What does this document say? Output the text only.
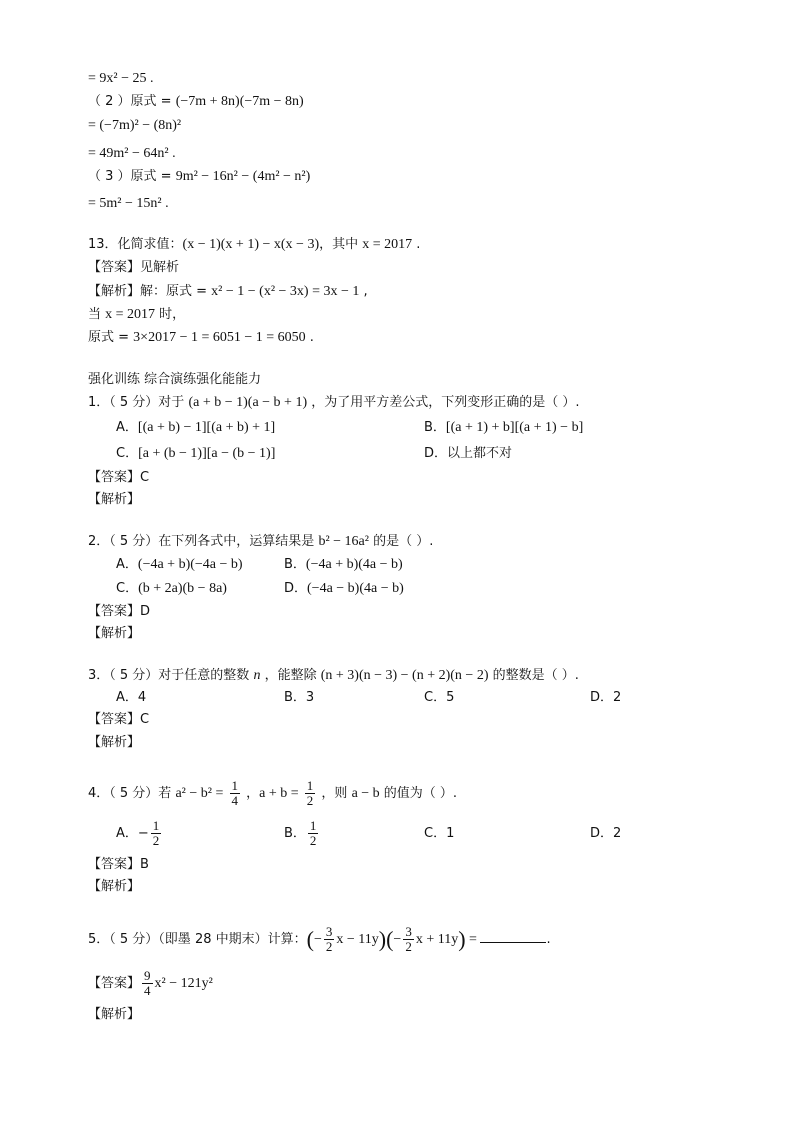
= 9x² − 25 .
（ 2 ）原式 = (−7m + 8n)(−7m − 8n)
= (−7m)² − (8n)²
= 49m² − 64n² .
（ 3 ）原式 = 9m² − 16n² − (4m² − n²)
= 5m² − 15n² .
13．化简求值：(x − 1)(x + 1) − x(x − 3)，其中 x = 2017 .
【答案】见解析
【解析】解：原式 = x² − 1 − (x² − 3x) = 3x − 1 ,
当 x = 2017 时，
原式 = 3×2017 − 1 = 6051 − 1 = 6050 .
强化训练 综合演练强化能能力
1．（ 5 分）对于 (a + b − 1)(a − b + 1) ，为了用平方差公式，下列变形正确的是（ ）.
A．[(a + b) − 1][(a + b) + 1]	B．[(a + 1) + b][(a + 1) − b]
C．[a + (b − 1)][a − (b − 1)]	D．以上都不对
【答案】C
【解析】
2．（ 5 分）在下列各式中，运算结果是 b² − 16a² 的是（ ）.
A．(−4a + b)(−4a − b)	B．(−4a + b)(4a − b)
C．(b + 2a)(b − 8a)	D．(−4a − b)(4a − b)
【答案】D
【解析】
3．（ 5 分）对于任意的整数 n ，能整除 (n + 3)(n − 3) − (n + 2)(n − 2) 的整数是（ ）.
A．4	B．3	C．5	D．2
【答案】C
【解析】
4．（ 5 分）若 $a^2 - b^2 = \frac{1}{4}$ ，$a + b = \frac{1}{2}$ ，则 a − b 的值为（ ）.
A．− $\frac{1}{2}$	B． $\frac{1}{2}$	C．1	D．2
【答案】B
【解析】
5．（ 5 分）（即墨 28 中期末）计算：(− $\frac{3}{2}$ $x - 11y)(- \frac{3}{2}$ x + 11y) =	.
【答案】 $\frac{9}{4} x^2 - 121y^2$
【解析】
